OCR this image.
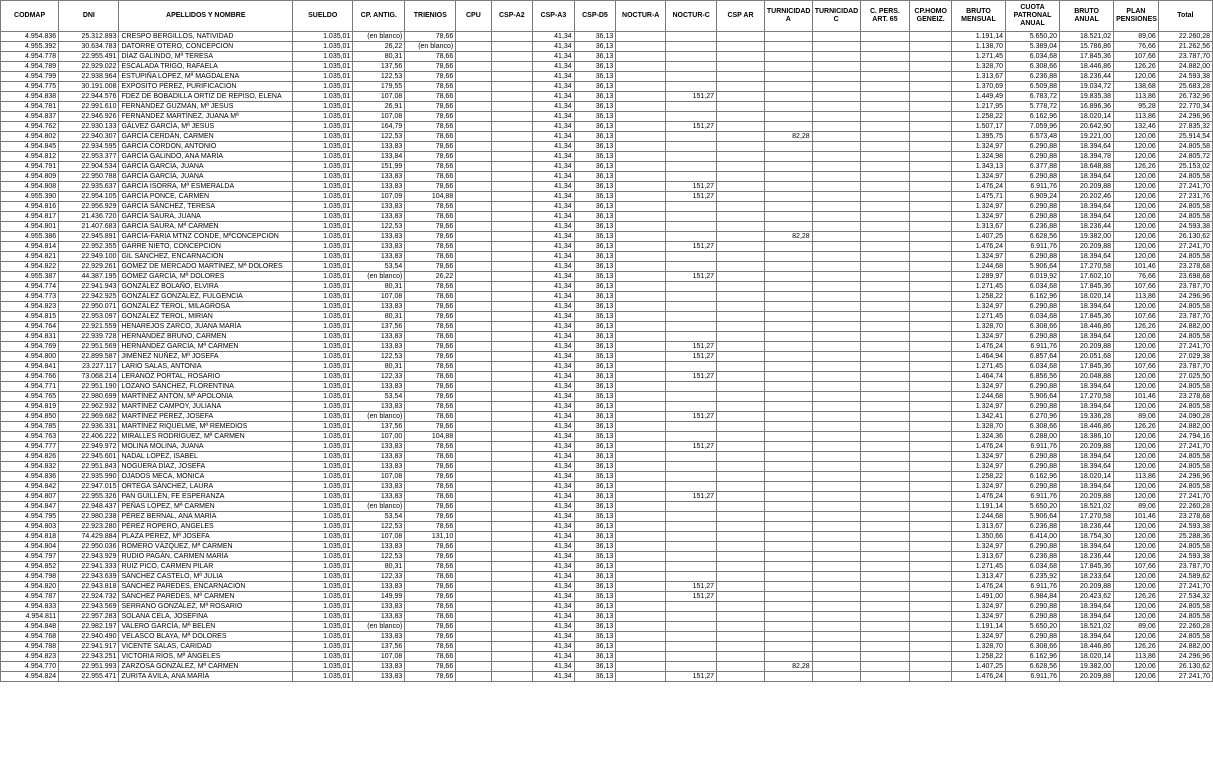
CODMAP	DNI	APELLIDOS Y NOMBRE	SUELDO	CP. ANTIG.	TRIENIOS	CPU	CSP-A2	CSP-A3	CSP-D5	NOCTUR-A	NOCTUR-C	CSP AR	TURNICIDAD A	TURNICIDAD C	C. PERS. ART. 65	CP.HOMO GENEIZ.	BRUTO MENSUAL	CUOTA PATRONAL ANUAL	BRUTO ANUAL	PLAN PENSIONES	Total
4.954.836	25.312.893	CRESPO BERGILLOS, NATIVIDAD	1.035,01	(en blanco)	78,66			41,34	36,13								1.191,14	5.650,20	18.521,02	89,06	22.260,28
4.955.392	30.634.783	DATORRE OTERO, CONCEPCIÓN	1.035,01	26,22	(en blanco)			41,34	36,13								1.138,70	5.389,04	15.786,86	76,66	21.262,56
4.954.778	22.955.491	DÍAZ GALINDO, Mª TERESA	1.035,01	80,31	78,66			41,34	36,13								1.271,45	6.034,68	17.845,36	107,66	23.787,70
4.954.789	22.929.022	ESCALADA TRIGO, RAFAELA	1.035,01	137,56	78,66			41,34	36,13								1.328,70	6.308,66	18.446,86	126,26	24.882,00
4.954.799	22.938.964	ESTUPIÑA LÓPEZ, Mª MAGDALENA	1.035,01	122,53	78,66			41,34	36,13								1.313,67	6.236,88	18.236,44	120,06	24.593,38
4.954.775	30.191.008	EXPÓSITO PÉREZ, PURIFICACIÓN	1.035,01	179,55	78,66			41,34	36,13								1.370,69	6.509,88	19.034,72	138,68	25.683,28
4.954.838	22.944.576	FDEZ DE BOBADILLA ORTIZ DE REPISO, ELENA	1.035,01	107,08	78,66			41,34	36,13		151,27						1.449,49	6.783,72	19.835,38	113,86	26.732,96
4.954.781	22.991.610	FERNÁNDEZ GUZMÁN, Mª JESÚS	1.035,01	26,91	78,66			41,34	36,13								1.217,95	5.778,72	16.896,36	95,28	22.770,34
4.954.837	22.946.926	FERNÁNDEZ MARTÍNEZ, JUANA Mª	1.035,01	107,08	78,66			41,34	36,13								1.258,22	6.162,96	18.020,14	113,86	24.296,96
4.954.762	22.930.133	GÁLVEZ GARCÍA, Mª JESÚS	1.035,01	164,79	78,66			41,34	36,13		151,27						1.507,17	7.059,96	20.642,90	132,46	27.835,32
4.954.802	22.940.307	GARCÍA CERDÁN, CARMEN	1.035,01	122,53	78,66			41,34	36,13				82,28				1.395,75	6.573,48	19.221,00	120,06	25.914,54
4.954.845	22.934.595	GARCÍA CORDÓN, ANTONIO	1.035,01	133,83	78,66			41,34	36,13								1.324,97	6.290,88	18.394,64	120,06	24.805,58
4.954.812	22.953.377	GARCÍA GALINDO, ANA MARÍA	1.035,01	133,84	78,66			41,34	36,13								1.324,98	6.290,88	18.394,78	120,06	24.805,72
4.954.791	22.904.534	GARCÍA GARCÍA, JUANA	1.035,01	151,99	78,66			41,34	36,13								1.343,13	6.377,88	18.648,88	126,26	25.153,02
4.954.809	22.950.788	GARCÍA GARCÍA, JUANA	1.035,01	133,83	78,66			41,34	36,13								1.324,97	6.290,88	18.394,64	120,06	24.805,58
4.954.808	22.935.637	GARCÍA ISORRA, Mª ESMERALDA	1.035,01	133,83	78,66			41,34	36,13		151,27						1.476,24	6.911,76	20.209,88	120,06	27.241,70
4.955.390	22.954.105	GARCÍA PONCE, CARMEN	1.035,01	107,09	104,88			41,34	36,13		151,27						1.475,71	6.909,24	20.202,46	120,06	27.231,76
4.954.816	22.956.929	GARCÍA SÁNCHEZ, TERESA	1.035,01	133,83	78,66			41,34	36,13								1.324,97	6.290,88	18.394,64	120,06	24.805,58
4.954.817	21.436.720	GARCÍA SAURA, JUANA	1.035,01	133,83	78,66			41,34	36,13								1.324,97	6.290,88	18.394,64	120,06	24.805,58
4.954.801	21.407.683	GARCÍA SAURA, Mª CARMEN	1.035,01	122,53	78,66			41,34	36,13								1.313,67	6.236,88	18.236,44	120,06	24.593,38
4.955.386	22.945.891	GARCÍA-FARIA MTNZ CONDE, MªCONCEPCIÓN	1.035,01	133,83	78,66			41,34	36,13				82,28				1.407,25	6.628,56	19.382,00	120,06	26.130,62
4.954.814	22.952.355	GARRE NIETO, CONCEPCIÓN	1.035,01	133,83	78,66			41,34	36,13		151,27						1.476,24	6.911,76	20.209,88	120,06	27.241,70
4.954.821	22.949.100	GIL SÁNCHEZ, ENCARNACIÓN	1.035,01	133,83	78,66			41,34	36,13								1.324,97	6.290,88	18.394,64	120,06	24.805,58
4.954.822	22.929.261	GÓMEZ DE MERCADO MARTÍNEZ, Mª DOLORES	1.035,01	53,54	78,66			41,34	36,13								1.244,68	5.906,64	17.270,58	101,46	23.278,68
4.955.387	44.387.195	GÓMEZ GARCÍA, Mª DOLORES	1.035,01	(en blanco)	26,22			41,34	36,13		151,27						1.289,97	6.019,92	17.602,10	76,66	23.698,68
4.954.774	22.941.943	GONZÁLEZ BOLAÑO, ELVIRA	1.035,01	80,31	78,66			41,34	36,13								1.271,45	6.034,68	17.845,36	107,66	23.787,70
4.954.773	22.942.925	GONZÁLEZ GONZÁLEZ, FULGENCIA	1.035,01	107,08	78,66			41,34	36,13								1.258,22	6.162,96	18.020,14	113,86	24.296,96
4.954.823	22.950.071	GONZÁLEZ TEROL, MILAGROSA	1.035,01	133,83	78,66			41,34	36,13								1.324,97	6.290,88	18.394,64	120,06	24.805,58
4.954.815	22.953.097	GONZÁLEZ TEROL, MIRIAN	1.035,01	80,31	78,66			41,34	36,13								1.271,45	6.034,68	17.845,36	107,66	23.787,70
4.954.764	22.921.559	HENAREJOS ZARCO, JUANA MARÍA	1.035,01	137,56	78,66			41,34	36,13								1.328,70	6.308,66	18.446,86	126,26	24.882,00
4.954.831	22.939.728	HERNÁNDEZ BRUNO, CARMEN	1.035,01	133,83	78,66			41,34	36,13								1.324,97	6.290,88	18.394,64	120,06	24.805,58
4.954.769	22.951.569	HERNÁNDEZ GARCÍA, Mª CARMEN	1.035,01	133,83	78,66			41,34	36,13		151,27						1.476,24	6.911,76	20.209,88	120,06	27.241,70
4.954.800	22.899.587	JIMÉNEZ NUÑEZ, Mª JOSEFA	1.035,01	122,53	78,66			41,34	36,13		151,27						1.464,94	6.857,64	20.051,68	120,06	27.029,38
4.954.841	23.227.117	LARIO SALAS, ANTONIA	1.035,01	80,31	78,66			41,34	36,13								1.271,45	6.034,68	17.845,36	107,66	23.787,70
4.954.766	73.068.214	LERANOZ PORTAL, ROSARIO	1.035,01	122,33	78,66			41,34	36,13		151,27						1.464,74	6.856,56	20.048,88	120,06	27.025,50
4.954.771	22.951.190	LOZANO SÁNCHEZ, FLORENTINA	1.035,01	133,83	78,66			41,34	36,13								1.324,97	6.290,88	18.394,64	120,06	24.805,58
4.954.765	22.980.699	MARTÍNEZ ANTÓN, Mª APOLONIA	1.035,01	53,54	78,66			41,34	36,13								1.244,68	5.906,64	17.270,58	101,46	23.278,68
4.954.819	22.962.932	MARTÍNEZ CAMPOY, JULIANA	1.035,01	133,83	78,66			41,34	36,13								1.324,97	6.290,88	18.394,64	120,06	24.805,58
4.954.850	22.969.682	MARTÍNEZ PÉREZ, JOSEFA	1.035,01	(en blanco)	78,66			41,34	36,13		151,27						1.342,41	6.270,96	19.336,28	89,06	24.090,28
4.954.785	22.936.331	MARTÍNEZ RIQUELME, Mª REMEDIOS	1.035,01	137,56	78,66			41,34	36,13								1.328,70	6.308,66	18.446,86	126,26	24.882,00
4.954.763	22.406.222	MIRALLES RODRÍGUEZ, Mª CARMEN	1.035,01	107,00	104,88			41,34	36,13								1.324,36	6.288,00	18.386,10	120,06	24.794,16
4.954.777	22.949.972	MOLINA MOLINA, JUANA	1.035,01	133,83	78,66			41,34	36,13		151,27						1.476,24	6.911,76	20.209,88	120,06	27.241,70
4.954.826	22.945.601	NADAL LÓPEZ, ISABEL	1.035,01	133,83	78,66			41,34	36,13								1.324,97	6.290,88	18.394,64	120,06	24.805,58
4.954.832	22.951.843	NOGUERA DÍAZ, JOSEFA	1.035,01	133,83	78,66			41,34	36,13								1.324,97	6.290,88	18.394,64	120,06	24.805,58
4.954.836	22.935.990	OJADOS MECA, MÓNICA	1.035,01	107,08	78,66			41,34	36,13								1.258,22	6.162,96	18.020,14	113,86	24.296,96
4.954.842	22.947.015	ORTEGA SÁNCHEZ, LAURA	1.035,01	133,83	78,66			41,34	36,13								1.324,97	6.290,88	18.394,64	120,06	24.805,58
4.954.807	22.955.326	PAN GUILLÉN, FE ESPERANZA	1.035,01	133,83	78,66			41,34	36,13		151,27						1.476,24	6.911,76	20.209,88	120,06	27.241,70
4.954.847	22.948.437	PEÑAS LÓPEZ, Mª CARMEN	1.035,01	(en blanco)	78,66			41,34	36,13								1.191,14	5.650,20	18.521,02	89,06	22.260,28
4.954.795	22.980.238	PÉREZ BERNAL, ANA MARÍA	1.035,01	53,54	78,66			41,34	36,13								1.244,68	5.906,64	17.270,58	101,46	23.278,68
4.954.803	22.923.280	PÉREZ ROPERO, ANGELES	1.035,01	122,53	78,66			41,34	36,13								1.313,67	6.236,88	18.236,44	120,06	24.593,38
4.954.818	74.429.884	PLAZA PÉREZ, Mª JOSEFA	1.035,01	107,08	131,10			41,34	36,13								1.350,66	6.414,00	18.754,30	120,06	25.288,36
4.954.804	22.950.036	ROMERO VÁZQUEZ, Mª CARMEN	1.035,01	133,83	78,66			41,34	36,13								1.324,97	6.290,88	18.394,64	120,06	24.805,58
4.954.797	22.943.929	RUDIO PAGÁN, CARMEN MARÍA	1.035,01	122,53	78,66			41,34	36,13								1.313,67	6.236,88	18.236,44	120,06	24.593,38
4.954.852	22.941.333	RUIZ PICO, CARMEN PILAR	1.035,01	80,31	78,66			41,34	36,13								1.271,45	6.034,68	17.845,36	107,66	23.787,70
4.954.798	22.943.639	SÁNCHEZ CASTELO, Mª JULIA	1.035,01	122,33	78,66			41,34	36,13								1.313,47	6.235,92	18.233,64	120,06	24.589,62
4.954.820	22.943.818	SÁNCHEZ PAREDES, ENCARNACIÓN	1.035,01	133,83	78,66			41,34	36,13		151,27						1.476,24	6.911,76	20.209,88	120,06	27.241,70
4.954.787	22.924.732	SÁNCHEZ PAREDES, Mª CARMEN	1.035,01	149,99	78,66			41,34	36,13		151,27						1.491,00	6.984,84	20.423,62	126,26	27.534,32
4.954.833	22.943.569	SERRANO GONZÁLEZ, Mª ROSARIO	1.035,01	133,83	78,66			41,34	36,13								1.324,97	6.290,88	18.394,64	120,06	24.805,58
4.954.811	22.957.283	SOLANA CELA, JOSEFINA	1.035,01	133,83	78,66			41,34	36,13								1.324,97	6.290,88	18.394,64	120,06	24.805,58
4.954.848	22.982.197	VALERO GARCÍA, Mª BELÉN	1.035,01	(en blanco)	78,66			41,34	36,13								1.191,14	5.650,20	18.521,02	89,06	22.260,28
4.954.768	22.940.490	VELASCO BLAYA, Mª DOLORES	1.035,01	133,83	78,66			41,34	36,13								1.324,97	6.290,88	18.394,64	120,06	24.805,58
4.954.788	22.941.917	VICENTE SALAS, CARIDAD	1.035,01	137,56	78,66			41,34	36,13								1.328,70	6.308,66	18.446,86	126,26	24.882,00
4.954.823	22.943.251	VICTORIA RÍOS, Mª ÁNGELES	1.035,01	107,08	78,66			41,34	36,13								1.258,22	6.162,96	18.020,14	113,86	24.296,96
4.954.770	22.951.993	ZARZOSA GONZÁLEZ, Mª CARMEN	1.035,01	133,83	78,66			41,34	36,13				82,28				1.407,25	6.628,56	19.382,00	120,06	26.130,62
4.954.824	22.955.471	ZURITA ÁVILA, ANA MARÍA	1.035,01	133,83	78,66			41,34	36,13		151,27						1.476,24	6.911,76	20.209,88	120,06	27.241,70
